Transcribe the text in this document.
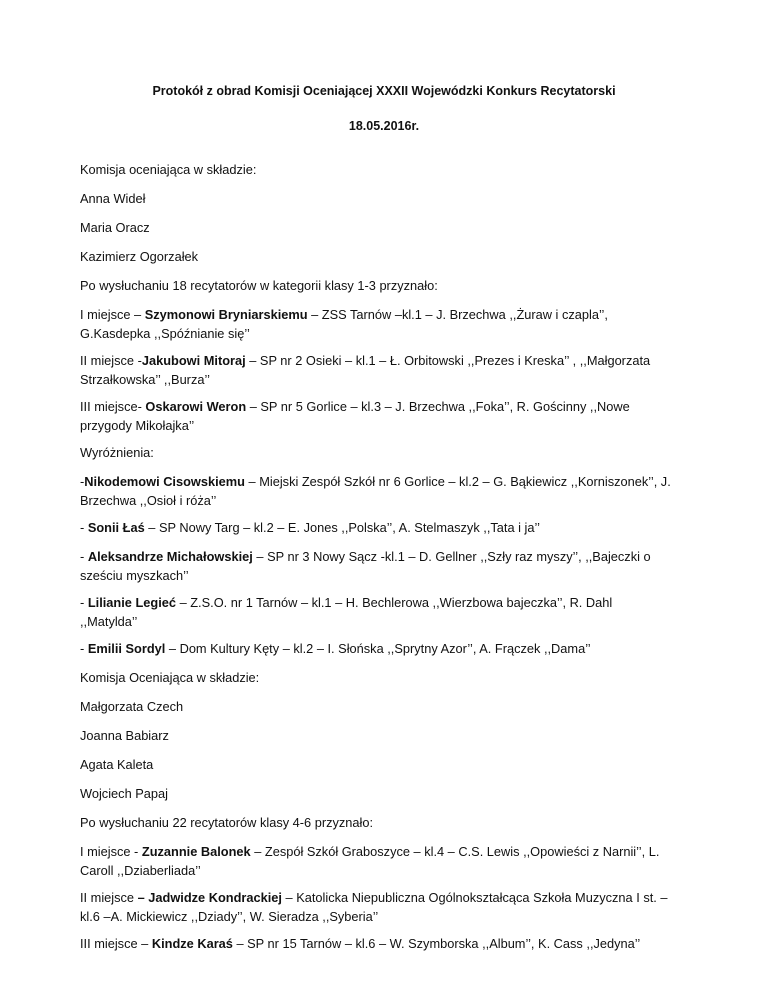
Protokół z obrad Komisji Oceniającej XXXII Wojewódzki Konkurs Recytatorski
18.05.2016r.
Komisja oceniająca w składzie:
Anna Wideł
Maria Oracz
Kazimierz Ogorzałek
Po wysłuchaniu 18 recytatorów w kategorii klasy 1-3 przyznało:
I miejsce – Szymonowi Bryniarskiemu – ZSS Tarnów –kl.1 – J. Brzechwa ,,Żuraw i czapla’’,
G.Kasdepka ,,Spóźnianie się’’
II miejsce -Jakubowi Mitoraj – SP nr 2 Osieki – kl.1 – Ł. Orbitowski ,,Prezes i Kreska’’ , ,,Małgorzata
Strzałkowska’’ ,,Burza’’
III miejsce- Oskarowi Weron – SP nr 5 Gorlice – kl.3 – J. Brzechwa ,,Foka’’, R. Gościnny ,,Nowe
przygody Mikołajka’’
Wyróżnienia:
-Nikodemowi Cisowskiemu – Miejski Zespół Szkół nr 6 Gorlice – kl.2 – G. Bąkiewicz ,,Korniszonek’’, J.
Brzechwa ,,Osioł i róża’’
- Sonii Łaś – SP Nowy Targ – kl.2 – E. Jones ,,Polska’’, A. Stelmaszyk ,,Tata i ja’’
- Aleksandrze Michałowskiej – SP nr 3 Nowy Sącz -kl.1 – D. Gellner ,,Szły raz myszy’’, ,,Bajeczki o
sześciu myszkach’’
- Lilianie Legieć – Z.S.O. nr 1 Tarnów – kl.1 – H. Bechlerowa ,,Wierzbowa bajeczka’’, R. Dahl
,,Matylda’’
- Emilii Sordyl – Dom Kultury Kęty – kl.2 – I. Słońska ,,Sprytny Azor’’, A. Frączek ,,Dama’’
Komisja Oceniająca w składzie:
Małgorzata Czech
Joanna Babiarz
Agata Kaleta
Wojciech Papaj
Po wysłuchaniu 22 recytatorów klasy 4-6 przyznało:
I miejsce - Zuzannie Balonek – Zespół Szkół Graboszyce – kl.4 – C.S. Lewis ,,Opowieści z Narnii’’, L.
Caroll ,,Dziaberliada’’
II miejsce – Jadwidze Kondrackiej – Katolicka Niepubliczna Ogólnokształcąca Szkoła Muzyczna I st. –
kl.6 –A. Mickiewicz ,,Dziady’’, W. Sieradza ,,Syberia’’
III miejsce – Kindze Karaś – SP nr 15 Tarnów – kl.6 – W. Szymborska ,,Album’’, K. Cass ,,Jedyna’’
